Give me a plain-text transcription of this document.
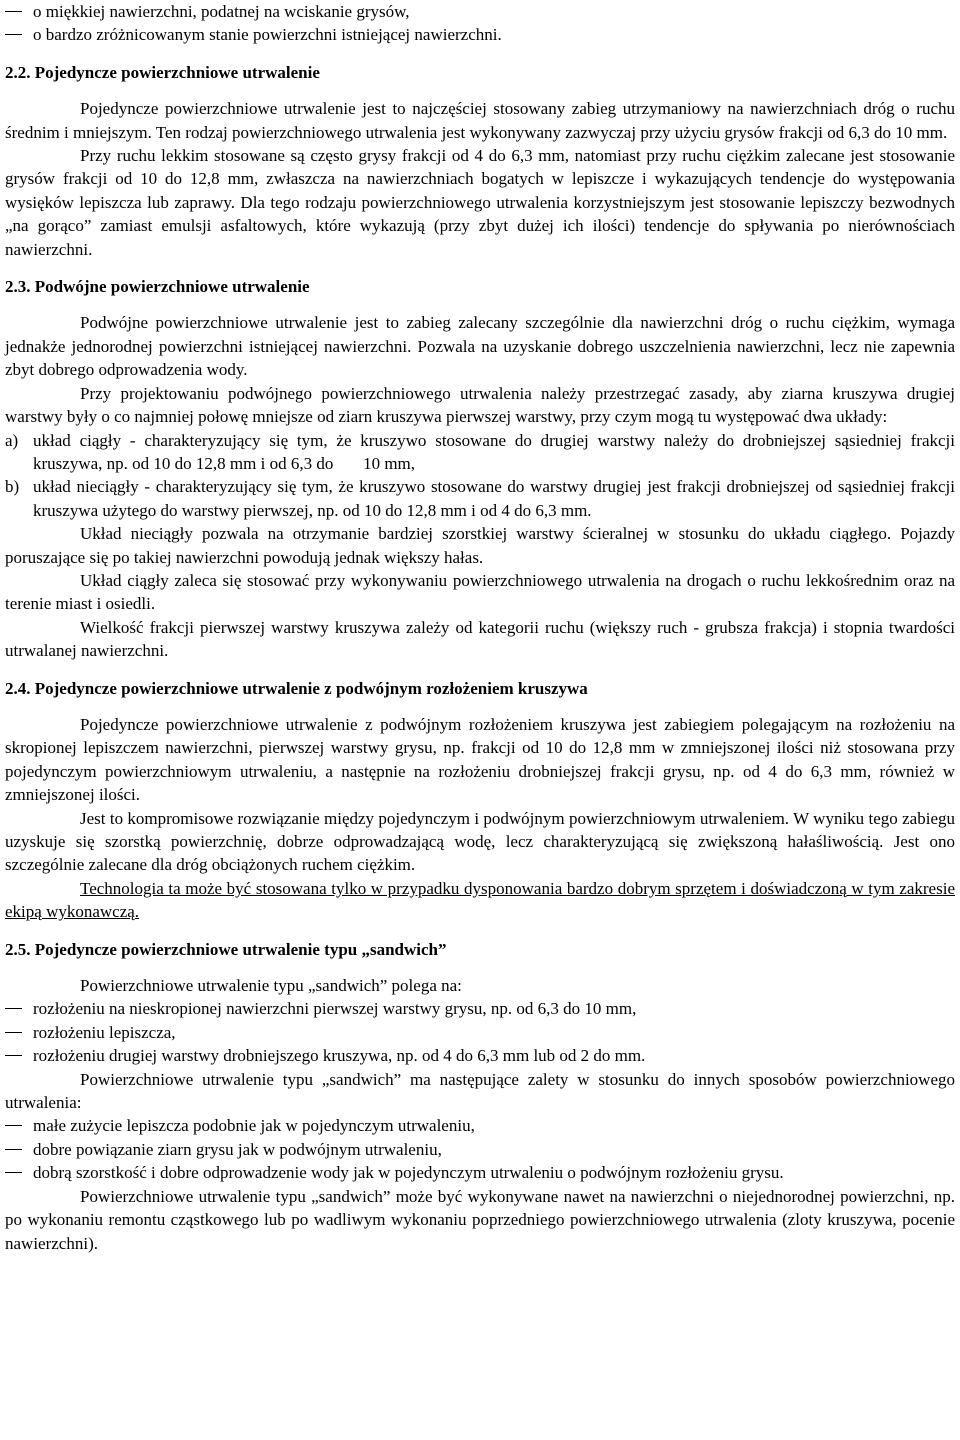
o miękkiej nawierzchni, podatnej na wciskanie grysów,
o bardzo zróżnicowanym stanie powierzchni istniejącej nawierzchni.

2.2. Pojedyncze powierzchniowe utrwalenie

Pojedyncze powierzchniowe utrwalenie jest to najczęściej stosowany zabieg utrzymaniowy na nawierzchniach dróg o ruchu średnim i mniejszym. Ten rodzaj powierzchniowego utrwalenia jest wykonywany zazwyczaj przy użyciu grysów frakcji od 6,3 do 10 mm.

Przy ruchu lekkim stosowane są często grysy frakcji od 4 do 6,3 mm, natomiast przy ruchu ciężkim zalecane jest stosowanie grysów frakcji od 10 do 12,8 mm, zwłaszcza na nawierzchniach bogatych w lepiszcze i wykazujących tendencje do występowania wysięków lepiszcza lub zaprawy. Dla tego rodzaju powierzchniowego utrwalenia korzystniejszym jest stosowanie lepiszczy bezwodnych „na gorąco” zamiast emulsji asfaltowych, które wykazują (przy zbyt dużej ich ilości) tendencje do spływania po nierównościach nawierzchni.

2.3. Podwójne powierzchniowe utrwalenie

Podwójne powierzchniowe utrwalenie jest to zabieg zalecany szczególnie dla nawierzchni dróg o ruchu ciężkim, wymaga jednakże jednorodnej powierzchni istniejącej nawierzchni. Pozwala na uzyskanie dobrego uszczelnienia nawierzchni, lecz nie zapewnia zbyt dobrego odprowadzenia wody.

Przy projektowaniu podwójnego powierzchniowego utrwalenia należy przestrzegać zasady, aby ziarna kruszywa drugiej warstwy były o co najmniej połowę mniejsze od ziarn kruszywa pierwszej warstwy, przy czym mogą tu występować dwa układy:

a) układ ciągły - charakteryzujący się tym, że kruszywo stosowane do drugiej warstwy należy do drobniejszej sąsiedniej frakcji kruszywa, np. od 10 do 12,8 mm i od 6,3 do       10 mm,
b) układ nieciągły - charakteryzujący się tym, że kruszywo stosowane do warstwy drugiej jest frakcji drobniejszej od sąsiedniej frakcji kruszywa użytego do warstwy pierwszej, np. od 10 do 12,8 mm i od 4 do 6,3 mm.

Układ nieciągły pozwala na otrzymanie bardziej szorstkiej warstwy ścieralnej w stosunku do układu ciągłego. Pojazdy poruszające się po takiej nawierzchni powodują jednak większy hałas.

Układ ciągły zaleca się stosować przy wykonywaniu powierzchniowego utrwalenia na drogach o ruchu lekkośrednim oraz na terenie miast i osiedli.

Wielkość frakcji pierwszej warstwy kruszywa zależy od kategorii ruchu (większy ruch - grubsza frakcja) i stopnia twardości utrwalanej nawierzchni.

2.4. Pojedyncze powierzchniowe utrwalenie z podwójnym rozłożeniem kruszywa

Pojedyncze powierzchniowe utrwalenie z podwójnym rozłożeniem kruszywa jest zabiegiem polegającym na rozłożeniu na skropionej lepiszczem nawierzchni, pierwszej warstwy grysu, np. frakcji od 10 do 12,8 mm w zmniejszonej ilości niż stosowana przy pojedynczym powierzchniowym utrwaleniu, a następnie na rozłożeniu drobniejszej frakcji grysu, np. od 4 do 6,3 mm, również w zmniejszonej ilości.

Jest to kompromisowe rozwiązanie między pojedynczym i podwójnym powierzchniowym utrwaleniem. W wyniku tego zabiegu uzyskuje się szorstką powierzchnię, dobrze odprowadzającą wodę, lecz charakteryzującą się zwiększoną hałaśliwością. Jest ono szczególnie zalecane dla dróg obciążonych ruchem ciężkim.

Technologia ta może być stosowana tylko w przypadku dysponowania bardzo dobrym sprzętem i doświadczoną w tym zakresie ekipą wykonawczą.

2.5. Pojedyncze powierzchniowe utrwalenie typu „sandwich”

Powierzchniowe utrwalenie typu „sandwich” polega na:

rozłożeniu na nieskropionej nawierzchni pierwszej warstwy grysu, np. od 6,3 do 10 mm,
rozłożeniu lepiszcza,
rozłożeniu drugiej warstwy drobniejszego kruszywa, np. od 4 do 6,3 mm lub od 2 do mm.

Powierzchniowe utrwalenie typu „sandwich” ma następujące zalety w stosunku do innych sposobów powierzchniowego utrwalenia:

małe zużycie lepiszcza podobnie jak w pojedynczym utrwaleniu,
dobre powiązanie ziarn grysu jak w podwójnym utrwaleniu,
dobrą szorstkość i dobre odprowadzenie wody jak w pojedynczym utrwaleniu o podwójnym rozłożeniu grysu.

Powierzchniowe utrwalenie typu „sandwich” może być wykonywane nawet na nawierzchni o niejednorodnej powierzchni, np. po wykonaniu remontu cząstkowego lub po wadliwym wykonaniu poprzedniego powierzchniowego utrwalenia (zloty kruszywa, pocenie nawierzchni).
